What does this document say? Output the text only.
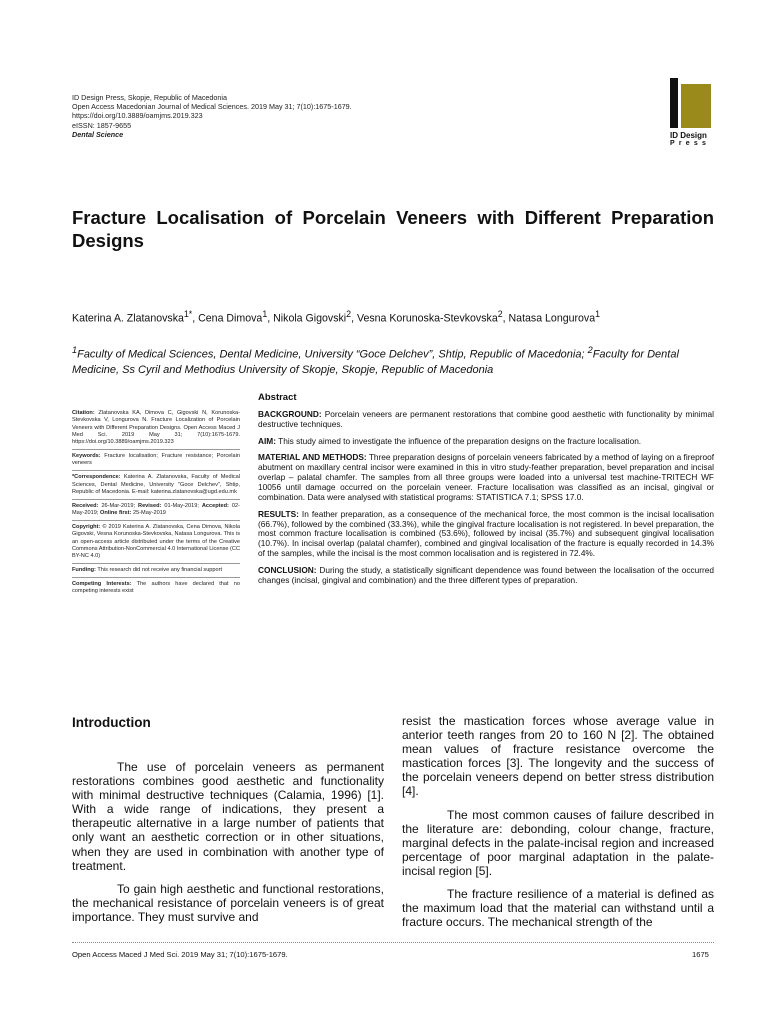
ID Design Press, Skopje, Republic of Macedonia
Open Access Macedonian Journal of Medical Sciences. 2019 May 31; 7(10):1675-1679.
https://doi.org/10.3889/oamjms.2019.323
eISSN: 1857-9655
Dental Science	ID Design
Press
Fracture Localisation of Porcelain Veneers with Different Preparation Designs
Katerina A. Zlatanovska$^{1*}$, Cena Dimova$^1$, Nikola Gigovski$^2$, Vesna Korunoska-Stevkovska$^2$, Natasa Longurova$^1$
$^1$Faculty of Medical Sciences, Dental Medicine, University “Goce Delchev”, Shtip, Republic of Macedonia; $^2$Faculty for Dental Medicine, Ss Cyril and Methodius University of Skopje, Skopje, Republic of Macedonia
Abstract

Citation: Zlatanovska KA, Dimova C, Gigovski N, Korunoska-Stevkovska V, Longurova N. Fracture Localization of Porcelain Veneers with Different Preparation Designs. Open Access Maced J Med Sci. 2019 May 31; 7(10):1675-1679. https://doi.org/10.3889/oamjms.2019.323

Keywords: Fracture localisation; Fracture resistance; Porcelain veneers

*Correspondence: Katerina A. Zlatanovska, Faculty of Medical Sciences, Dental Medicine, University "Goce Delchev", Shtip, Republic of Macedonia. E-mail: katerina.zlatanovska@ugd.edu.mk

Received: 26-Mar-2019; Revised: 01-May-2019; Accepted: 02-May-2019; Online first: 25-May-2019

Copyright: © 2019 Katerina A. Zlatanovska, Cena Dimova, Nikola Gigovski, Vesna Korunoska-Stevkovska, Natasa Longurova. This is an open-access article distributed under the terms of the Creative Commons Attribution-NonCommercial 4.0 International License (CC BY-NC 4.0)

Funding: This research did not receive any financial support

Competing Interests: The authors have declared that no competing interests exist

BACKGROUND: Porcelain veneers are permanent restorations that combine good aesthetic with functionality by minimal destructive techniques.

AIM: This study aimed to investigate the influence of the preparation designs on the fracture localisation.

MATERIAL AND METHODS: Three preparation designs of porcelain veneers fabricated by a method of laying on a fireproof abutment on maxillary central incisor were examined in this in vitro study-feather preparation, bevel preparation and incisal overlap – palatal chamfer. The samples from all three groups were loaded into a universal test machine-TRITECH WF 10056 until damage occurred on the porcelain veneer. Fracture localisation was classified as an incisal, gingival or combination. Data were analysed with statistical programs: STATISTICA 7.1; SPSS 17.0.

RESULTS: In feather preparation, as a consequence of the mechanical force, the most common is the incisal localisation (66.7%), followed by the combined (33.3%), while the gingival fracture localisation is not registered. In bevel preparation, the most common fracture localisation is combined (53.6%), followed by incisal (35.7%) and subsequent gingival localisation (10.7%). In incisal overlap (palatal chamfer), combined and gingival localisation of the fracture is equally recorded in 14.3% of the samples, while the incisal is the most common localisation and is registered in 72.4%.

CONCLUSION: During the study, a statistically significant dependence was found between the localisation of the occurred changes (incisal, gingival and combination) and the three different types of preparation.

Introduction

The use of porcelain veneers as permanent restorations combines good aesthetic and functionality with minimal destructive techniques (Calamia, 1996) [1]. With a wide range of indications, they present a therapeutic alternative in a large number of patients that only want an aesthetic correction or in other situations, when they are used in combination with another type of treatment.

To gain high aesthetic and functional restorations, the mechanical resistance of porcelain veneers is of great importance. They must survive and

resist the mastication forces whose average value in anterior teeth ranges from 20 to 160 N [2]. The obtained mean values of fracture resistance overcome the mastication forces [3]. The longevity and the success of the porcelain veneers depend on better stress distribution [4].

The most common causes of failure described in the literature are: debonding, colour change, fracture, marginal defects in the palate-incisal region and increased percentage of poor marginal adaptation in the palate-incisal region [5].

The fracture resilience of a material is defined as the maximum load that the material can withstand until a fracture occurs. The mechanical strength of the

Open Access Maced J Med Sci. 2019 May 31; 7(10):1675-1679.	1675
